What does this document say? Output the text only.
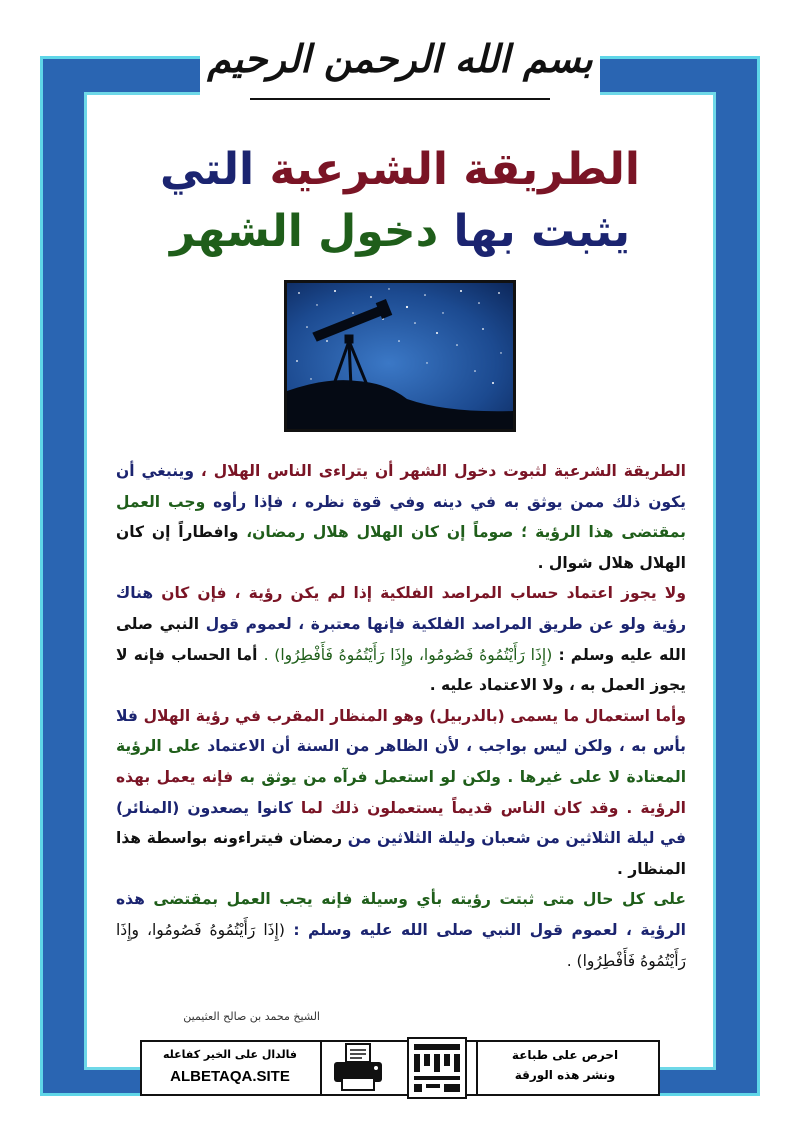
بسم الله الرحمن الرحيم
الطريقة الشرعية التي
يثبت بها دخول الشهر

الطريقة الشرعية لثبوت دخول الشهر أن يتراءى الناس الهلال ، وينبغي أن يكون ذلك ممن يوثق به في دينه وفي قوة نظره ، فإذا رأوه وجب العمل بمقتضى هذا الرؤية ؛ صوماً إن كان الهلال هلال رمضان، وافطاراً إن كان الهلال هلال شوال .

ولا يجوز اعتماد حساب المراصد الفلكية إذا لم يكن رؤية ، فإن كان هناك رؤية ولو عن طريق المراصد الفلكية فإنها معتبرة ، لعموم قول النبي صلى الله عليه وسلم : (إِذَا رَأَيْتُمُوهُ فَصُومُوا، وإِذَا رَأَيْتُمُوهُ فَأَفْطِرُوا) . أما الحساب فإنه لا يجوز العمل به ، ولا الاعتماد عليه .

وأما استعمال ما يسمى (بالدربيل) وهو المنظار المقرب في رؤية الهلال فلا بأس به ، ولكن ليس بواجب ، لأن الظاهر من السنة أن الاعتماد على الرؤية المعتادة لا على غيرها . ولكن لو استعمل فرآه من يوثق به فإنه يعمل بهذه الرؤية . وقد كان الناس قديماً يستعملون ذلك لما كانوا يصعدون (المنائر) في ليلة الثلاثين من شعبان وليلة الثلاثين من رمضان فيتراءونه بواسطة هذا المنظار .

على كل حال متى ثبتت رؤيته بأي وسيلة فإنه يجب العمل بمقتضى هذه الرؤية ، لعموم قول النبي صلى الله عليه وسلم : (إِذَا رَأَيْتُمُوهُ فَصُومُوا، وإِذَا رَأَيْتُمُوهُ فَأَفْطِرُوا) .

الشيخ محمد بن صالح العثيمين
فالدال على الخير كفاعله
ALBETAQA.SITE
احرص على طباعة
ونشر هذه الورقة
